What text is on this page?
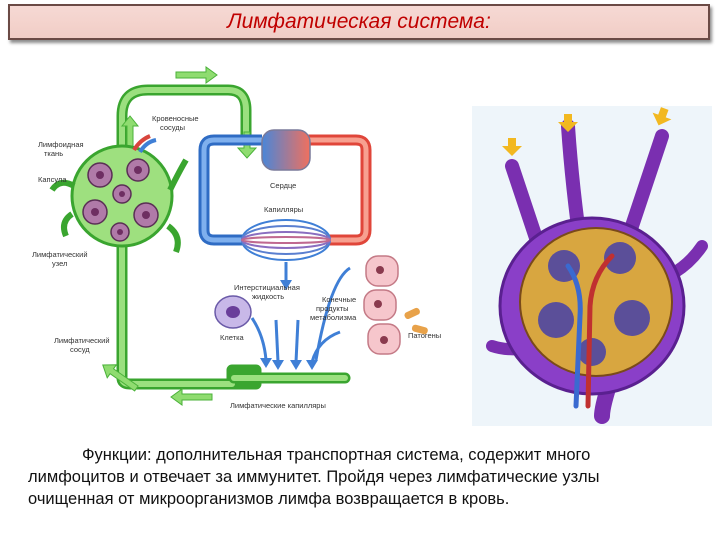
Лимфатическая система:
Лимфоидная
ткань
Капсула
Лимфатический
узел
Лимфатический
сосуд
Кровеносные
сосуды
Сердце
Капилляры
Интерстициальная
жидкость	Конечные
продукты
метаболизма
Клетка	Патогены
Лимфатические капилляры
Функции: дополнительная транспортная система, содержит много
лимфоцитов и отвечает за иммунитет. Пройдя через лимфатические узлы
очищенная от микроорганизмов лимфа возвращается в кровь.
